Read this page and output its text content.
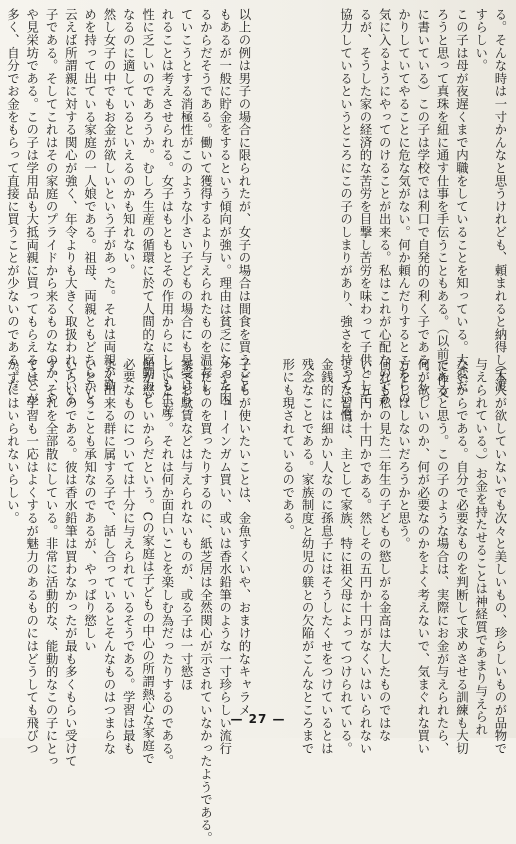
る。そんな時は一寸かんなと思うけれども、頼まれると納得して渡
すらしい。
この子は母が夜遅くまで内職をしていることを知っている。大変だ
ろうと思って真珠を紐に通す仕事を手伝うこともある。（以前に作文
に書いている）この子は学校では利口で自発的の利く子である。しっ
かりしていてやることに危な気がない。何か頼んだりするとこちらの
気に入るようにやってのけることが出来る。私はこれが心配なのであ
るが、そうした家の経済的な苦労を目撃し苦労を味わって子供として
協力しているというところにこの子のしまりがあり、強さを持っている。
以上の例は男子の場合に限られたが、女子の場合は間食を買うこと
もあるが一般に貯金をするという傾向が強い。理由は貧乏になった困
るからだそうである。働いて獲得するより与えられたものを温存し
ていこうとする消極性がこのような小さい子どもの場合にも見受けら
れることは考えさせられる。女子はもともとその作用からにしても生産
性に乏しいのであろうか。むしろ生産の循環に於て人間的な原動力と
なるのに適しているといえるのかも知れない。
然し女子の中でもお金が欲しいという子があった。それは両親が勤
めを持って出ている家庭の一人娘である。祖母、両親ともどちらかと
云えば所謂親に対する関心が強く、年令よりも大きく取扱われている
子である。そしてこれはその家庭のプライドから来るものなのか、や
や見栄坊である。この子は学用品も大抵両親に買ってもらえることが
多く、自分でお金をもらって直接に買うことが少ないのである。だ
（本人が欲していないでも次々と美しいもの、珍らしいものが品物で
与えられている。）お金を持たせることは神経質であまり与えられ
ないからである。自分で必要なものを判断して求めさせる訓練も大切
であると思う。この子のような場合は、実際にお金が与えられたら、
何が欲しいのか、何が必要なのかをよく考えないで、気まぐれな買い
方をしはしないだろうかと思う。
何れも私の見た二年生の子どもの慾しがる金高は大したものではな
い。五円か十円かである。然しその五円か十円がなくいはいられない
ような習慣は、主として家族、特に祖父母によってつけられている。
金銭的には細かい人なのに孫息子にはそうしたくせをつけているとは
残念なことである。家族制度と幼児の躾との欠陥がこんなところまで
形にも現されているのである。
子どもが使いたいことは、金魚すくいや、おまけ的なキャラメ
ルやチューインガム買い、或いは香水鉛筆のような一寸珍らしい流行
したものを買ったりするのに、紙芝居は全然関心が示されていなかったようである。
家でお駄賃などは与えられないものが、或る子は一寸慾ほ
しいという。それは何か面白いことを楽しむ為だったりするのである。
飴が慾しいからだという。Cの家庭は子どもの中心の所謂熱心な家庭で
必要なものについては十分に与えられているそうである。学習は最も
よく出来る群に属する子で、話し合っているとそんなものはつまらな
いということも承知なのであるが、やっぱり慾しい
いらいのである。彼は香水鉛筆は買わなかったが最も多くもらい受けて
す。それを全部散にしている。非常に活動的な、能動的なこの子にとっ
ては、学習も一応はよくするが魅力のあるものにはどうしても飛びつ
かずにはいられないらしい。
— 27 —
